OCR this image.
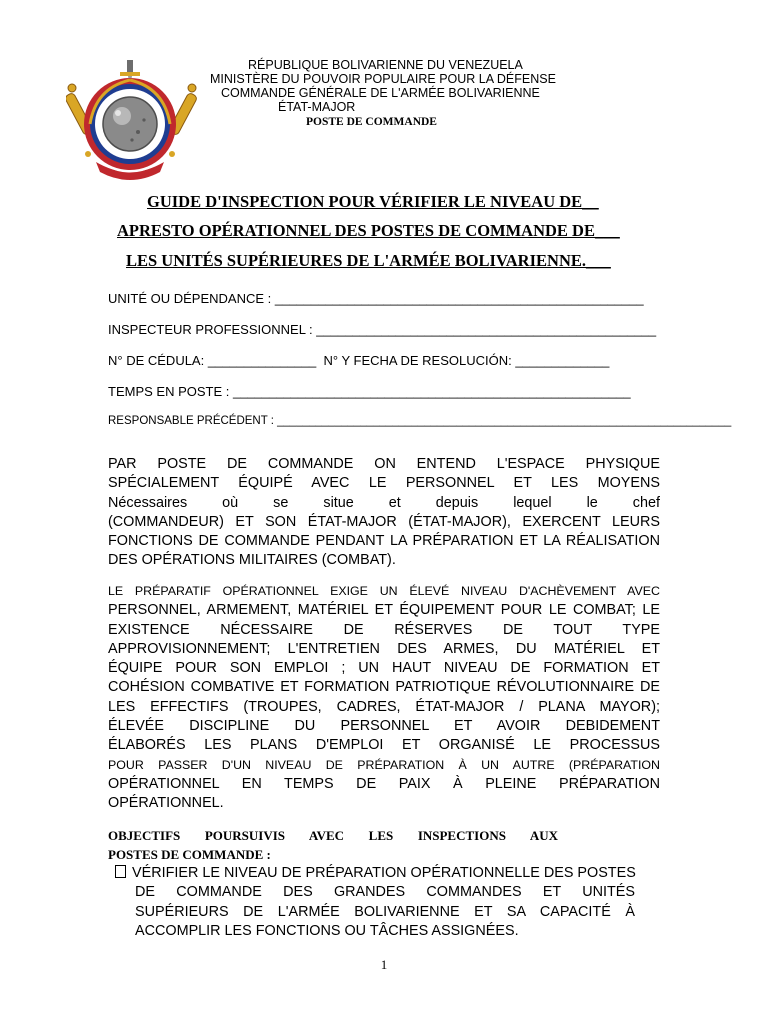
RÉPUBLIQUE BOLIVARIENNE DU VENEZUELA
MINISTÈRE DU POUVOIR POPULAIRE POUR LA DÉFENSE
COMMANDE GÉNÉRALE DE L'ARMÉE BOLIVARIENNE
ÉTAT-MAJOR
POSTE DE COMMANDE
GUIDE D'INSPECTION POUR VÉRIFIER LE NIVEAU DE__
APRESTO OPÉRATIONNEL DES POSTES DE COMMANDE DE___
LES UNITÉS SUPÉRIEURES DE L'ARMÉE BOLIVARIENNE.___
UNITÉ OU DÉPENDANCE : ___________________________________________________
INSPECTEUR PROFESSIONNEL : _______________________________________________
N° DE CÉDULA: _______________  N° Y FECHA DE RESOLUCIÓN: _____________
TEMPS EN POSTE : _______________________________________________________
RESPONSABLE PRÉCÉDENT : _______________________________________________________________________
PAR POSTE DE COMMANDE ON ENTEND L'ESPACE PHYSIQUE
SPÉCIALEMENT ÉQUIPÉ AVEC LE PERSONNEL ET LES MOYENS
Nécessaires où se situe et depuis lequel le chef
(COMMANDEUR) ET SON ÉTAT-MAJOR (ÉTAT-MAJOR), EXERCENT LEURS
FONCTIONS DE COMMANDE PENDANT LA PRÉPARATION ET LA RÉALISATION
DES OPÉRATIONS MILITAIRES (COMBAT).
LE PRÉPARATIF OPÉRATIONNEL EXIGE UN ÉLEVÉ NIVEAU D'ACHÈVEMENT AVEC
PERSONNEL, ARMEMENT, MATÉRIEL ET ÉQUIPEMENT POUR LE COMBAT; LE
EXISTENCE NÉCESSAIRE DE RÉSERVES DE TOUT TYPE
APPROVISIONNEMENT; L'ENTRETIEN DES ARMES, DU MATÉRIEL ET
ÉQUIPE POUR SON EMPLOI ; UN HAUT NIVEAU DE FORMATION ET
COHÉSION COMBATIVE ET FORMATION PATRIOTIQUE RÉVOLUTIONNAIRE DE
LES EFFECTIFS (TROUPES, CADRES, ÉTAT-MAJOR / PLANA MAYOR);
ÉLEVÉE DISCIPLINE DU PERSONNEL ET AVOIR DEBIDEMENT
ÉLABORÉS LES PLANS D'EMPLOI ET ORGANISÉ LE PROCESSUS
POUR PASSER D'UN NIVEAU DE PRÉPARATION À UN AUTRE (PRÉPARATION
OPÉRATIONNEL EN TEMPS DE PAIX À PLEINE PRÉPARATION
OPÉRATIONNEL.
OBJECTIFS POURSUIVIS AVEC LES INSPECTIONS AUX
POSTES DE COMMANDE :
VÉRIFIER LE NIVEAU DE PRÉPARATION OPÉRATIONNELLE DES POSTES
DE COMMANDE DES GRANDES COMMANDES ET UNITÉS
SUPÉRIEURS DE L'ARMÉE BOLIVARIENNE ET SA CAPACITÉ À
ACCOMPLIR LES FONCTIONS OU TÂCHES ASSIGNÉES.
1
